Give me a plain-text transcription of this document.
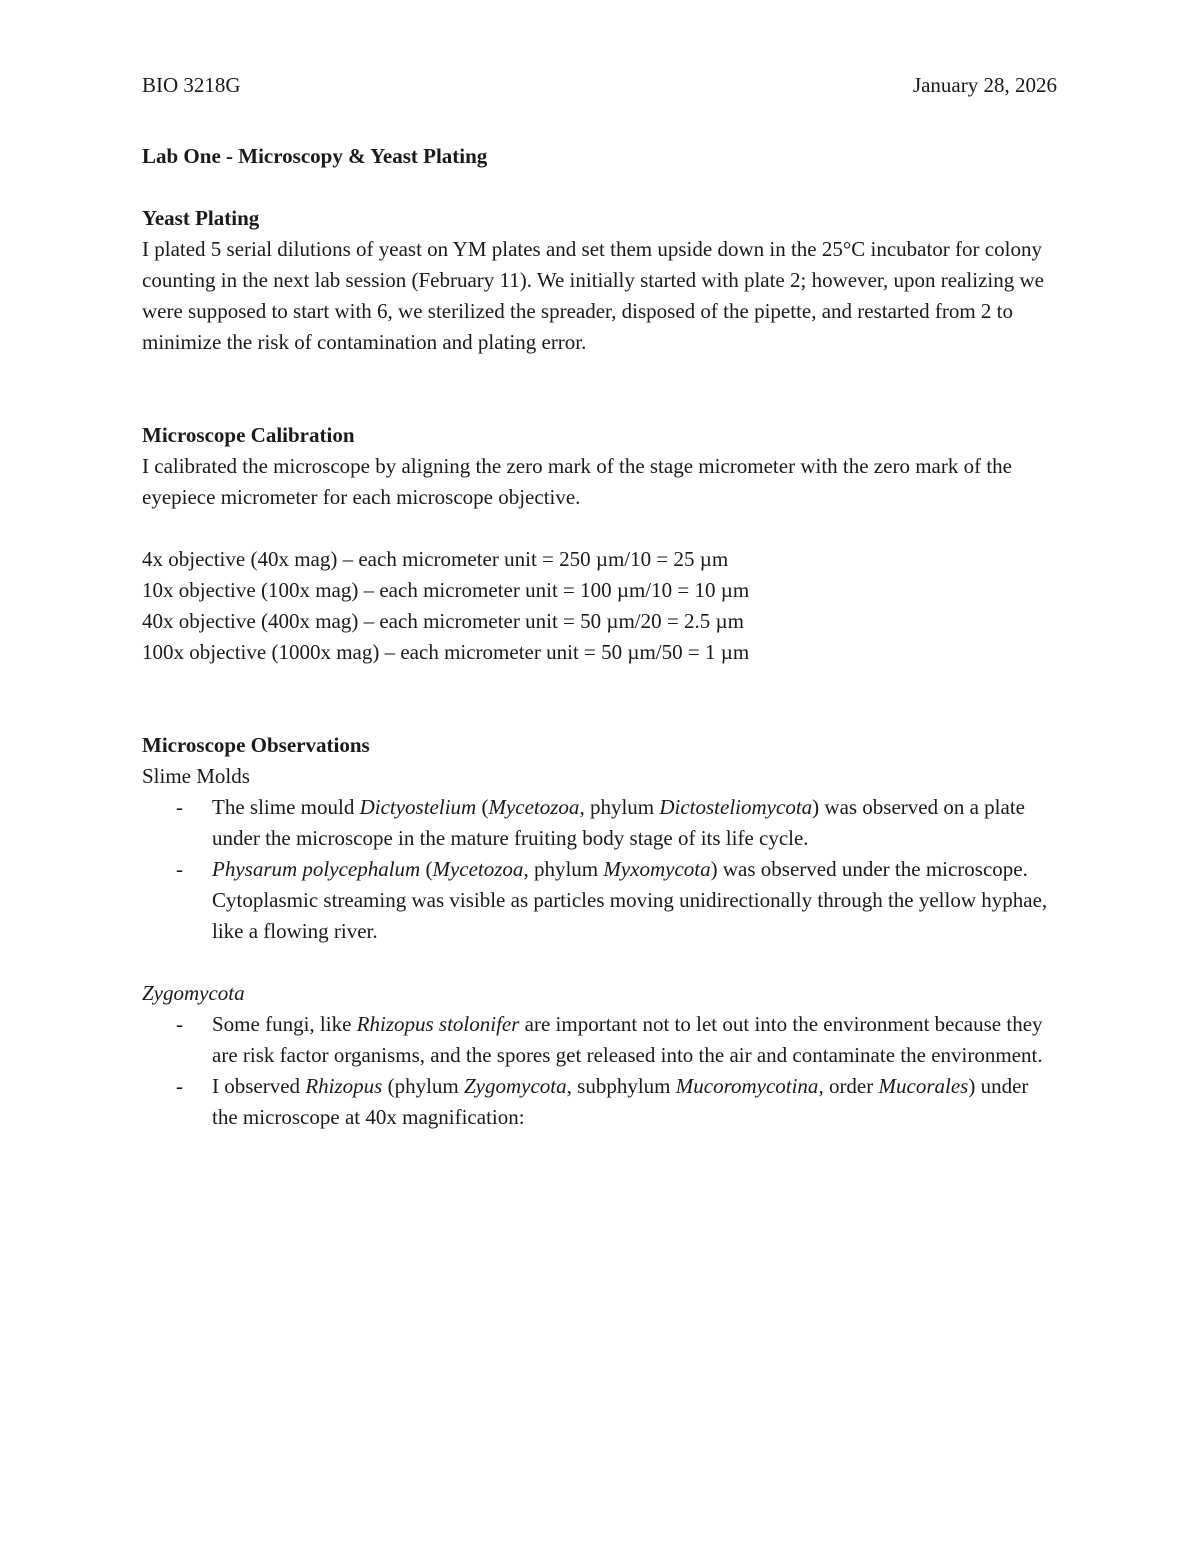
BIO 3218G	January 28, 2026
Lab One - Microscopy & Yeast Plating
Yeast Plating
I plated 5 serial dilutions of yeast on YM plates and set them upside down in the 25°C incubator for colony counting in the next lab session (February 11). We initially started with plate 2; however, upon realizing we were supposed to start with 6, we sterilized the spreader, disposed of the pipette, and restarted from 2 to minimize the risk of contamination and plating error.
Microscope Calibration
I calibrated the microscope by aligning the zero mark of the stage micrometer with the zero mark of the eyepiece micrometer for each microscope objective.
4x objective (40x mag) – each micrometer unit = 250 µm/10 = 25 µm
10x objective (100x mag) – each micrometer unit = 100 µm/10 = 10 µm
40x objective (400x mag) – each micrometer unit = 50 µm/20 = 2.5 µm
100x objective (1000x mag) – each micrometer unit = 50 µm/50 = 1 µm
Microscope Observations
Slime Molds
- The slime mould Dictyostelium (Mycetozoa, phylum Dictosteliomycota) was observed on a plate under the microscope in the mature fruiting body stage of its life cycle.
- Physarum polycephalum (Mycetozoa, phylum Myxomycota) was observed under the microscope. Cytoplasmic streaming was visible as particles moving unidirectionally through the yellow hyphae, like a flowing river.
Zygomycota
- Some fungi, like Rhizopus stolonifer are important not to let out into the environment because they are risk factor organisms, and the spores get released into the air and contaminate the environment.
- I observed Rhizopus (phylum Zygomycota, subphylum Mucoromycotina, order Mucorales) under the microscope at 40x magnification:
